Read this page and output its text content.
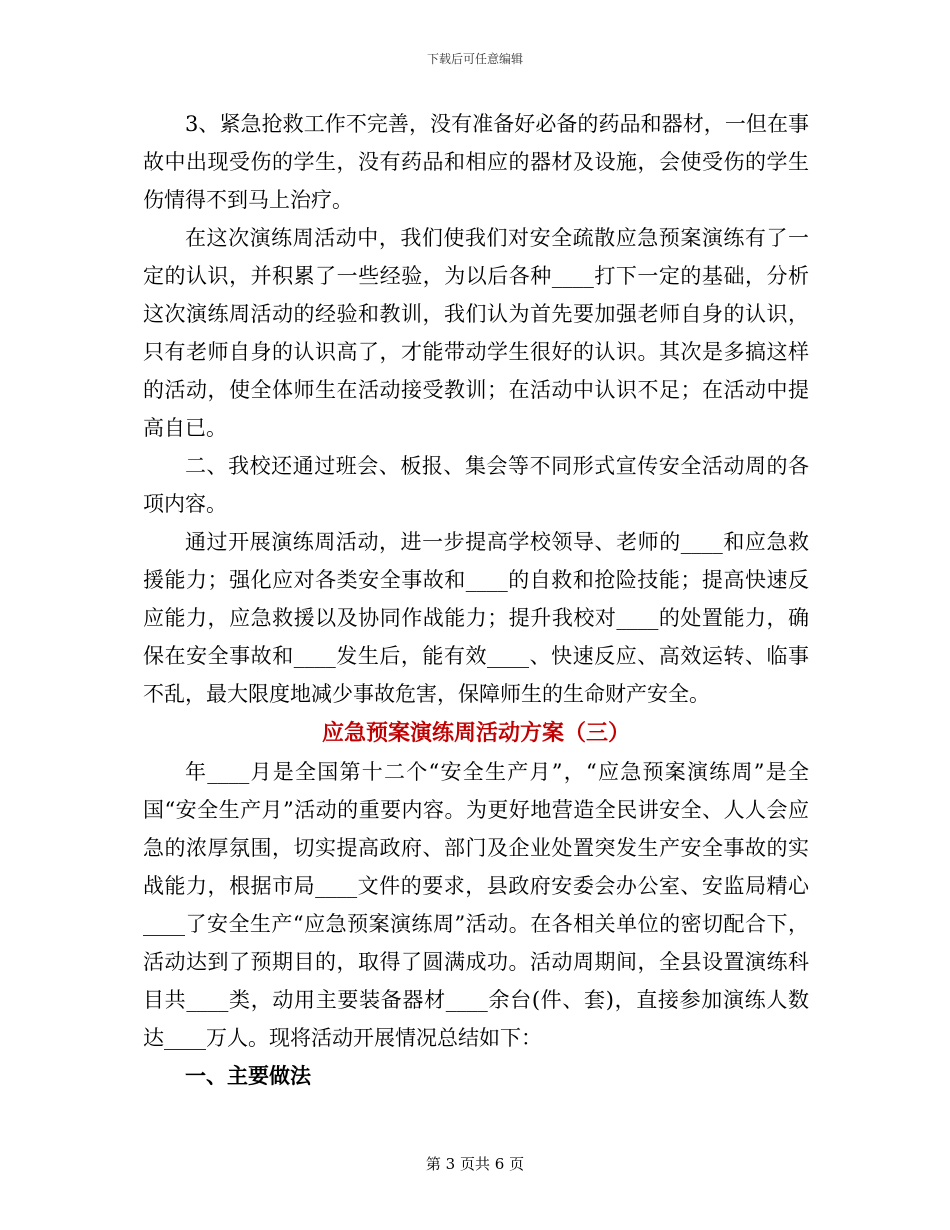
下载后可任意编辑

3、紧急抢救工作不完善，没有准备好必备的药品和器材，一但在事故中出现受伤的学生，没有药品和相应的器材及设施，会使受伤的学生伤情得不到马上治疗。

在这次演练周活动中，我们使我们对安全疏散应急预案演练有了一定的认识，并积累了一些经验，为以后各种____打下一定的基础，分析这次演练周活动的经验和教训，我们认为首先要加强老师自身的认识，只有老师自身的认识高了，才能带动学生很好的认识。其次是多搞这样的活动，使全体师生在活动接受教训；在活动中认识不足；在活动中提高自已。

二、我校还通过班会、板报、集会等不同形式宣传安全活动周的各项内容。

通过开展演练周活动，进一步提高学校领导、老师的____和应急救援能力；强化应对各类安全事故和____的自救和抢险技能；提高快速反应能力，应急救援以及协同作战能力；提升我校对____的处置能力，确保在安全事故和____发生后，能有效____、快速反应、高效运转、临事不乱，最大限度地减少事故危害，保障师生的生命财产安全。

应急预案演练周活动方案（三）

年____月是全国第十二个“安全生产月”，“应急预案演练周”是全国“安全生产月”活动的重要内容。为更好地营造全民讲安全、人人会应急的浓厚氛围，切实提高政府、部门及企业处置突发生产安全事故的实战能力，根据市局____文件的要求，县政府安委会办公室、安监局精心____了安全生产“应急预案演练周”活动。在各相关单位的密切配合下，活动达到了预期目的，取得了圆满成功。活动周期间，全县设置演练科目共____类，动用主要装备器材____余台(件、套)，直接参加演练人数达____万人。现将活动开展情况总结如下：

一、主要做法

第 3 页共 6 页
